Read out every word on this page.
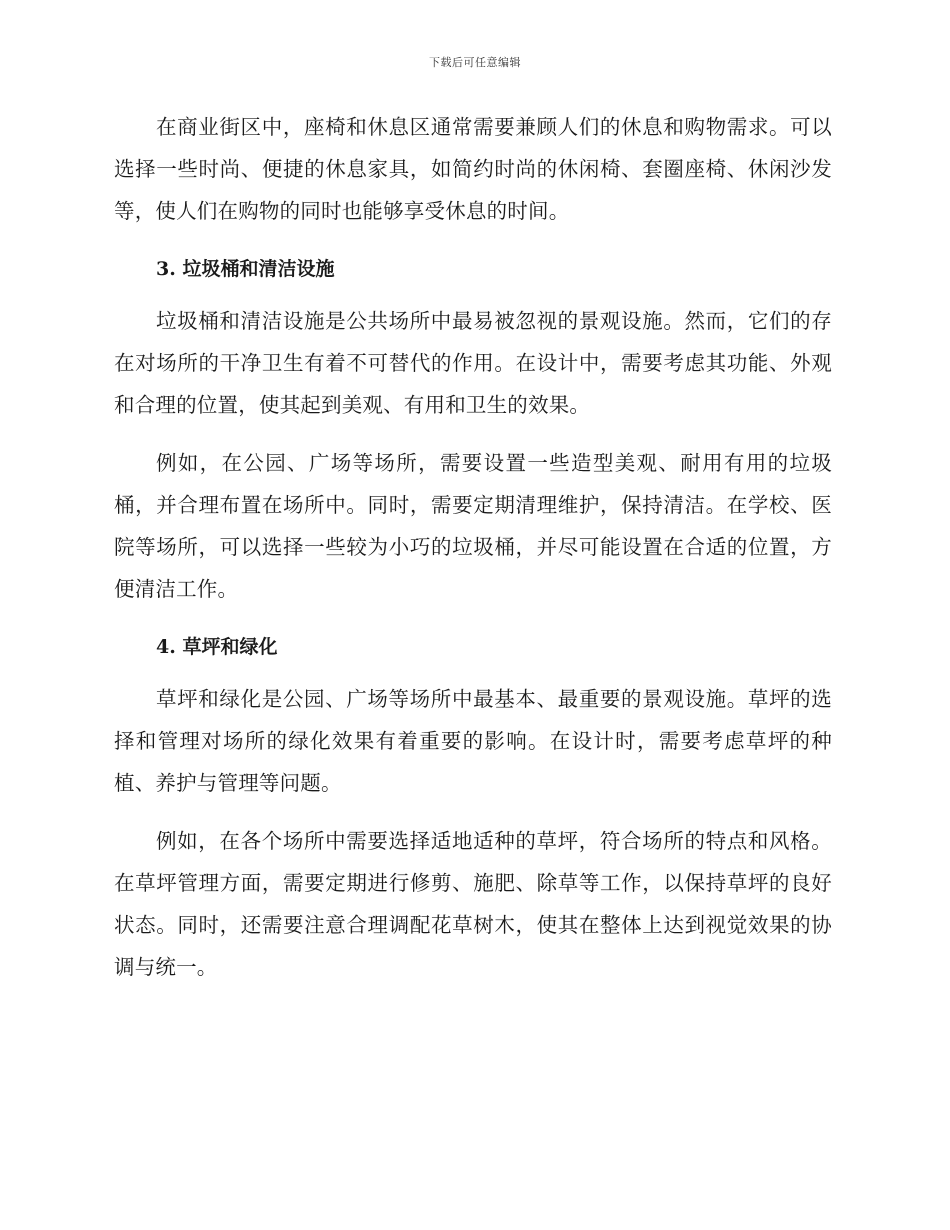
下载后可任意编辑

在商业街区中，座椅和休息区通常需要兼顾人们的休息和购物需求。可以选择一些时尚、便捷的休息家具，如简约时尚的休闲椅、套圈座椅、休闲沙发等，使人们在购物的同时也能够享受休息的时间。

3. 垃圾桶和清洁设施

垃圾桶和清洁设施是公共场所中最易被忽视的景观设施。然而，它们的存在对场所的干净卫生有着不可替代的作用。在设计中，需要考虑其功能、外观和合理的位置，使其起到美观、有用和卫生的效果。

例如，在公园、广场等场所，需要设置一些造型美观、耐用有用的垃圾桶，并合理布置在场所中。同时，需要定期清理维护，保持清洁。在学校、医院等场所，可以选择一些较为小巧的垃圾桶，并尽可能设置在合适的位置，方便清洁工作。

4. 草坪和绿化

草坪和绿化是公园、广场等场所中最基本、最重要的景观设施。草坪的选择和管理对场所的绿化效果有着重要的影响。在设计时，需要考虑草坪的种植、养护与管理等问题。

例如，在各个场所中需要选择适地适种的草坪，符合场所的特点和风格。在草坪管理方面，需要定期进行修剪、施肥、除草等工作，以保持草坪的良好状态。同时，还需要注意合理调配花草树木，使其在整体上达到视觉效果的协调与统一。
